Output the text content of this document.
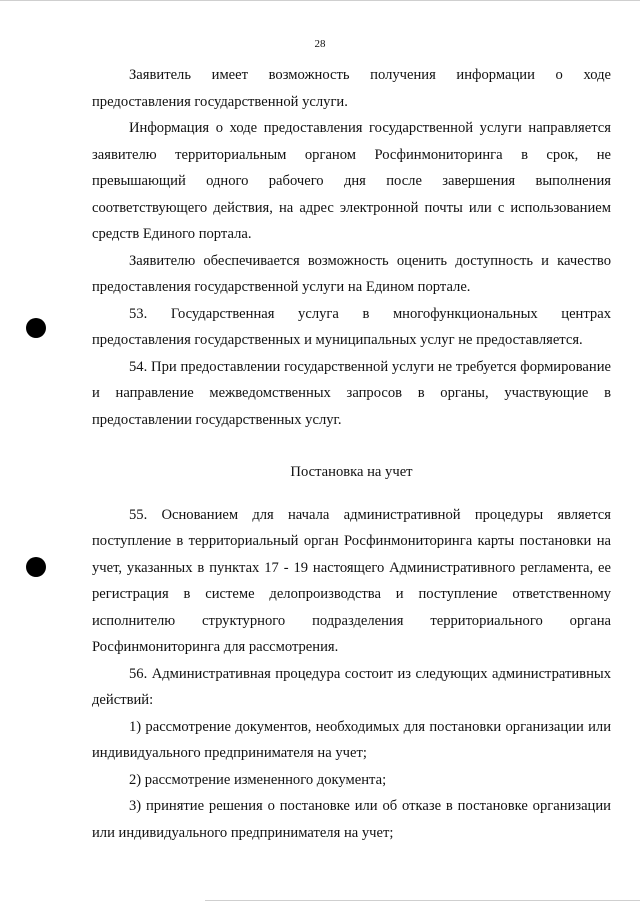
28

Заявитель имеет возможность получения информации о ходе предоставления государственной услуги.

Информация о ходе предоставления государственной услуги направляется заявителю территориальным органом Росфинмониторинга в срок, не превышающий одного рабочего дня после завершения выполнения соответствующего действия, на адрес электронной почты или с использованием средств Единого портала.

Заявителю обеспечивается возможность оценить доступность и качество предоставления государственной услуги на Едином портале.

53. Государственная услуга в многофункциональных центрах предоставления государственных и муниципальных услуг не предоставляется.

54. При предоставлении государственной услуги не требуется формирование и направление межведомственных запросов в органы, участвующие в предоставлении государственных услуг.

Постановка на учет

55. Основанием для начала административной процедуры является поступление в территориальный орган Росфинмониторинга карты постановки на учет, указанных в пунктах 17 - 19 настоящего Административного регламента, ее регистрация в системе делопроизводства и поступление ответственному исполнителю структурного подразделения территориального органа Росфинмониторинга для рассмотрения.

56. Административная процедура состоит из следующих административных действий:

1) рассмотрение документов, необходимых для постановки организации или индивидуального предпринимателя на учет;

2) рассмотрение измененного документа;

3) принятие решения о постановке или об отказе в постановке организации или индивидуального предпринимателя на учет;
